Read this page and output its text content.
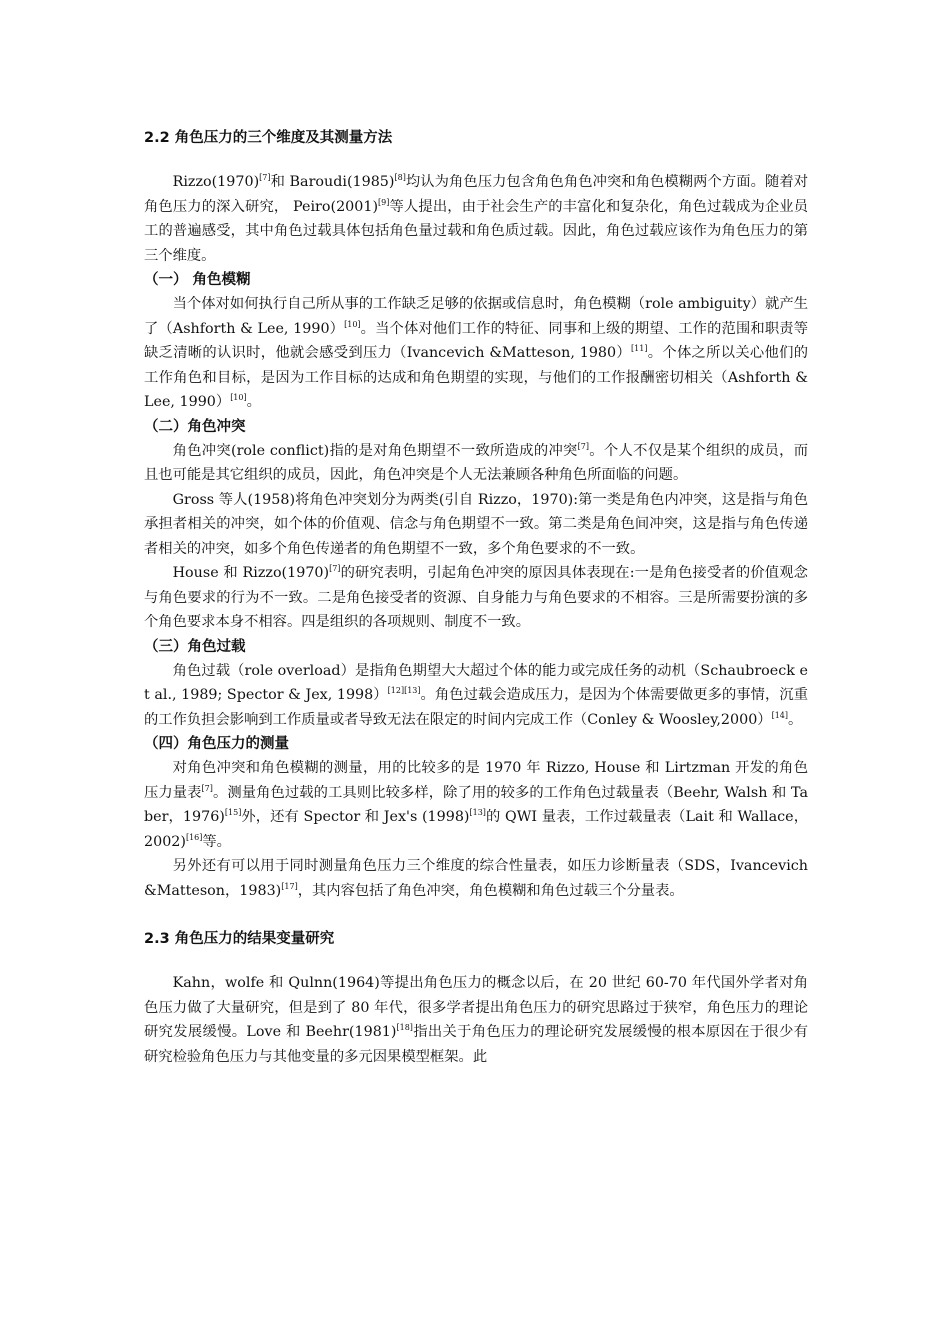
2.2 角色压力的三个维度及其测量方法

Rizzo(1970)[7]和 Baroudi(1985)[8]均认为角色压力包含角色角色冲突和角色模糊两个方面。随着对角色压力的深入研究， Peiro(2001)[9]等人提出，由于社会生产的丰富化和复杂化，角色过载成为企业员工的普遍感受，其中角色过载具体包括角色量过载和角色质过载。因此，角色过载应该作为角色压力的第三个维度。

（一） 角色模糊

当个体对如何执行自己所从事的工作缺乏足够的依据或信息时，角色模糊（role ambiguity）就产生了（Ashforth & Lee, 1990）[10]。当个体对他们工作的特征、同事和上级的期望、工作的范围和职责等缺乏清晰的认识时，他就会感受到压力（Ivancevich &Matteson, 1980）[11]。个体之所以关心他们的工作角色和目标，是因为工作目标的达成和角色期望的实现，与他们的工作报酬密切相关（Ashforth & Lee, 1990）[10]。

（二）角色冲突

角色冲突(role conflict)指的是对角色期望不一致所造成的冲突[7]。个人不仅是某个组织的成员，而且也可能是其它组织的成员，因此，角色冲突是个人无法兼顾各种角色所面临的问题。

Gross 等人(1958)将角色冲突划分为两类(引自 Rizzo，1970):第一类是角色内冲突，这是指与角色承担者相关的冲突，如个体的价值观、信念与角色期望不一致。第二类是角色间冲突，这是指与角色传递者相关的冲突，如多个角色传递者的角色期望不一致，多个角色要求的不一致。

House 和 Rizzo(1970)[7]的研究表明，引起角色冲突的原因具体表现在:一是角色接受者的价值观念与角色要求的行为不一致。二是角色接受者的资源、自身能力与角色要求的不相容。三是所需要扮演的多个角色要求本身不相容。四是组织的各项规则、制度不一致。

（三）角色过载

角色过载（role overload）是指角色期望大大超过个体的能力或完成任务的动机（Schaubroeck et al., 1989; Spector & Jex, 1998）[12][13]。角色过载会造成压力，是因为个体需要做更多的事情，沉重的工作负担会影响到工作质量或者导致无法在限定的时间内完成工作（Conley & Woosley,2000）[14]。

（四）角色压力的测量

对角色冲突和角色模糊的测量，用的比较多的是 1970 年 Rizzo, House 和 Lirtzman 开发的角色压力量表[7]。测量角色过载的工具则比较多样，除了用的较多的工作角色过载量表（Beehr, Walsh 和 Taber，1976)[15]外，还有 Spector 和 Jex's (1998)[13]的 QWI 量表，工作过载量表（Lait 和 Wallace，2002)[16]等。

另外还有可以用于同时测量角色压力三个维度的综合性量表，如压力诊断量表（SDS，Ivancevich &Matteson，1983)[17]，其内容包括了角色冲突，角色模糊和角色过载三个分量表。

2.3 角色压力的结果变量研究

Kahn，wolfe 和 Qulnn(1964)等提出角色压力的概念以后，在 20 世纪 60-70 年代国外学者对角色压力做了大量研究，但是到了 80 年代，很多学者提出角色压力的研究思路过于狭窄，角色压力的理论研究发展缓慢。Love 和 Beehr(1981)[18]指出关于角色压力的理论研究发展缓慢的根本原因在于很少有研究检验角色压力与其他变量的多元因果模型框架。此
